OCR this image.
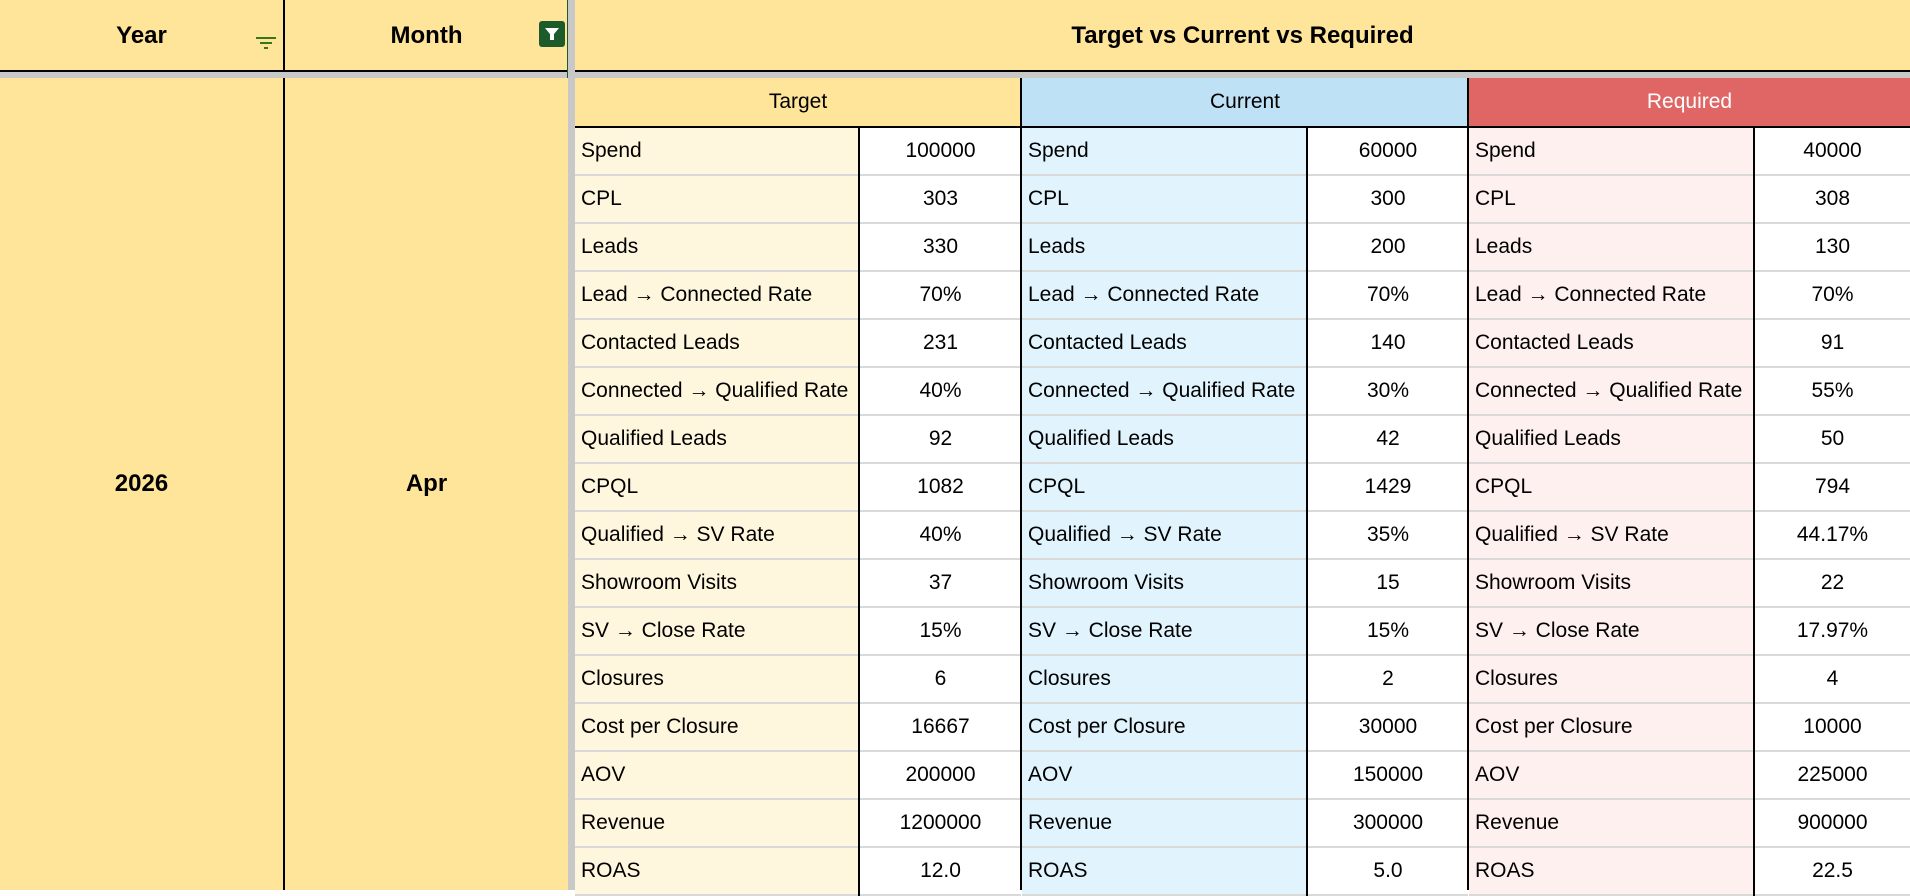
Year	Month	Target vs Current vs Required
2026	Apr
Target
Spend	100000
CPL	303
Leads	330
Lead → Connected Rate	70%
Contacted Leads	231
Connected → Qualified Rate	40%
Qualified Leads	92
CPQL	1082
Qualified → SV Rate	40%
Showroom Visits	37
SV → Close Rate	15%
Closures	6
Cost per Closure	16667
AOV	200000
Revenue	1200000
ROAS	12.0
Current
Spend	60000
CPL	300
Leads	200
Lead → Connected Rate	70%
Contacted Leads	140
Connected → Qualified Rate	30%
Qualified Leads	42
CPQL	1429
Qualified → SV Rate	35%
Showroom Visits	15
SV → Close Rate	15%
Closures	2
Cost per Closure	30000
AOV	150000
Revenue	300000
ROAS	5.0
Required
Spend	40000
CPL	308
Leads	130
Lead → Connected Rate	70%
Contacted Leads	91
Connected → Qualified Rate	55%
Qualified Leads	50
CPQL	794
Qualified → SV Rate	44.17%
Showroom Visits	22
SV → Close Rate	17.97%
Closures	4
Cost per Closure	10000
AOV	225000
Revenue	900000
ROAS	22.5
